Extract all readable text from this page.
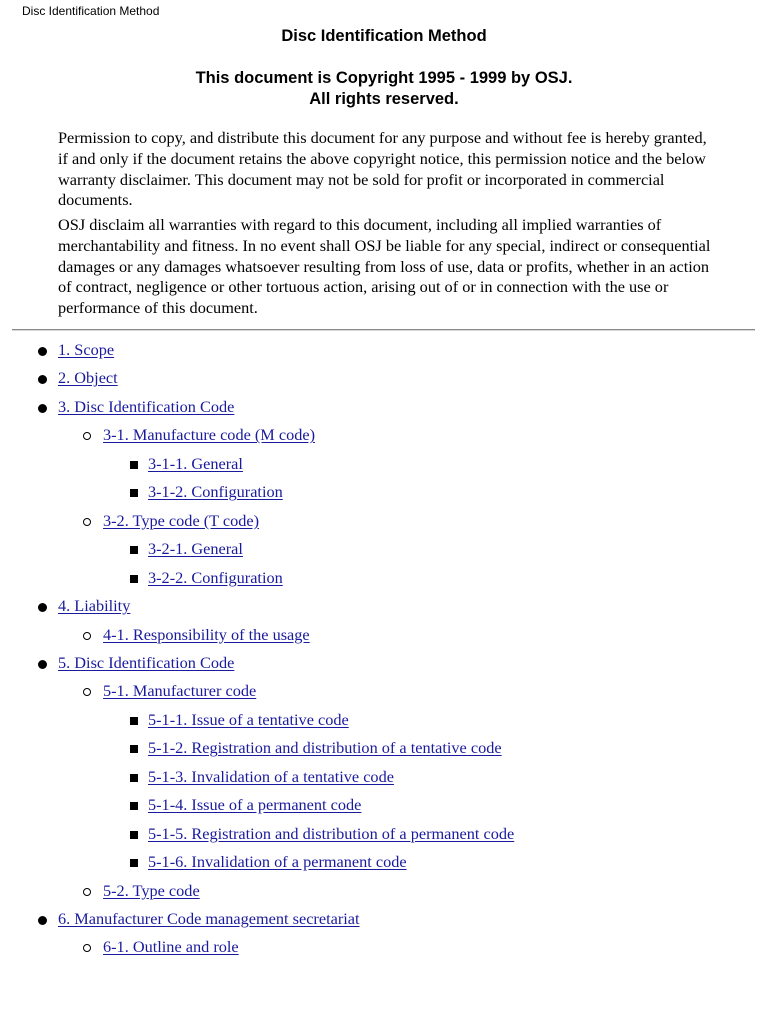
Disc Identification Method
Disc Identification Method
This document is Copyright 1995 - 1999 by OSJ.
All rights reserved.

Permission to copy, and distribute this document for any purpose and without fee is hereby granted, if and only if the document retains the above copyright notice, this permission notice and the below warranty disclaimer. This document may not be sold for profit or incorporated in commercial documents.

OSJ disclaim all warranties with regard to this document, including all implied warranties of merchantability and fitness. In no event shall OSJ be liable for any special, indirect or consequential damages or any damages whatsoever resulting from loss of use, data or profits, whether in an action of contract, negligence or other tortuous action, arising out of or in connection with the use or performance of this document.

1. Scope
2. Object
3. Disc Identification Code
3-1. Manufacture code (M code)
3-1-1. General
3-1-2. Configuration
3-2. Type code (T code)
3-2-1. General
3-2-2. Configuration
4. Liability
4-1. Responsibility of the usage
5. Disc Identification Code
5-1. Manufacturer code
5-1-1. Issue of a tentative code
5-1-2. Registration and distribution of a tentative code
5-1-3. Invalidation of a tentative code
5-1-4. Issue of a permanent code
5-1-5. Registration and distribution of a permanent code
5-1-6. Invalidation of a permanent code
5-2. Type code
6. Manufacturer Code management secretariat
6-1. Outline and role
